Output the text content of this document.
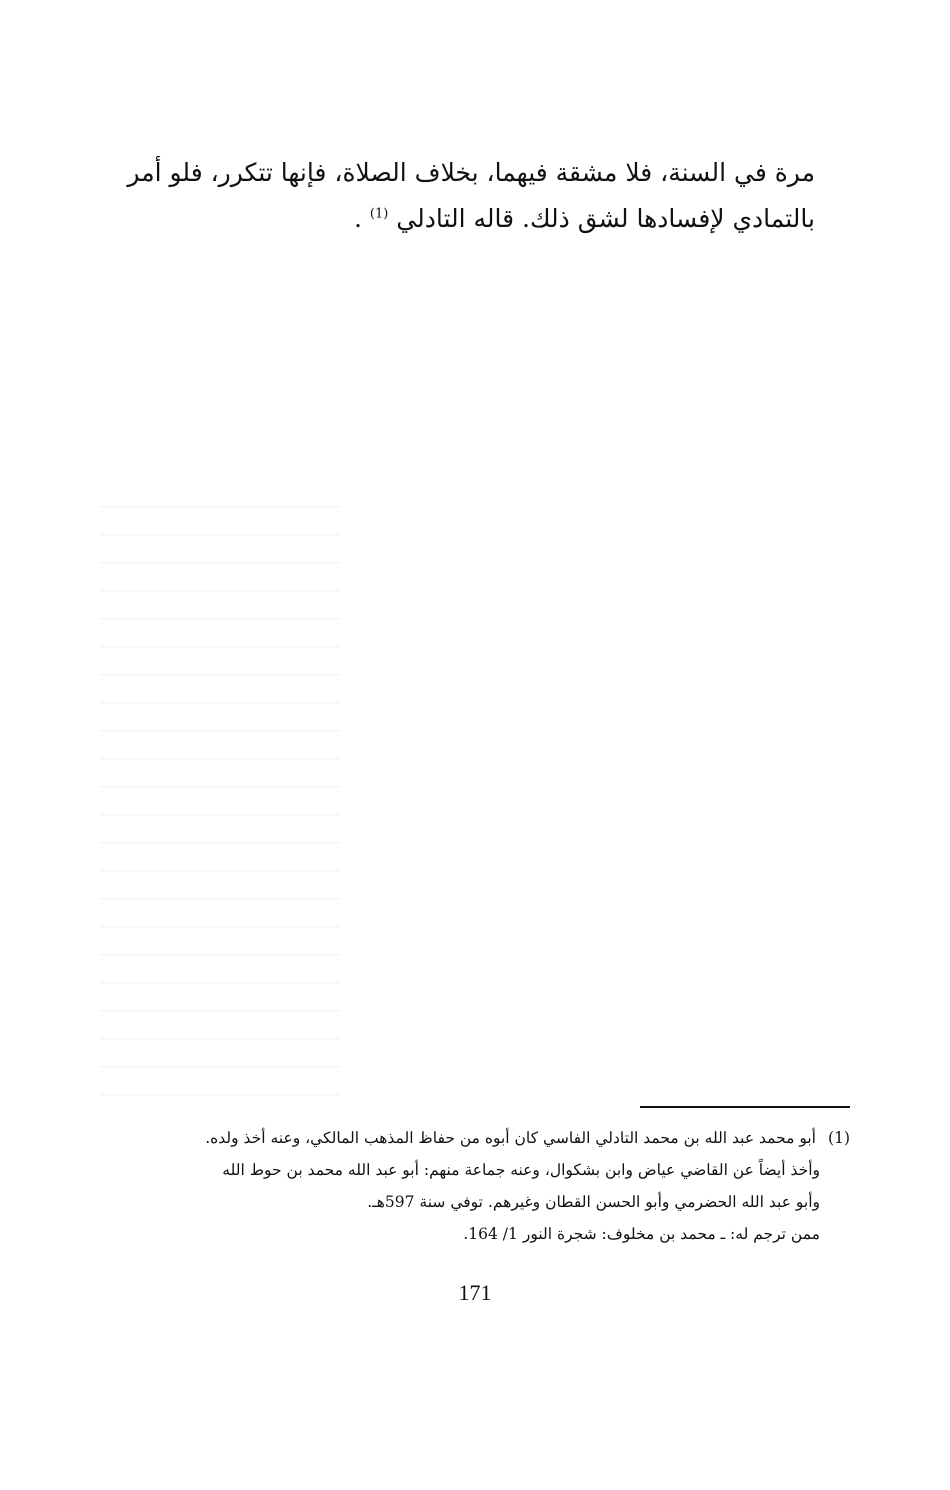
مرة في السنة، فلا مشقة فيهما، بخلاف الصلاة، فإنها تتكرر، فلو أمر
بالتمادي لإفسادها لشق ذلك. قاله التادلي $^{(1)}$ .

(1)أبو محمد عبد الله بن محمد التادلي الفاسي كان أبوه من حفاظ المذهب المالكي، وعنه أخذ ولده.
وأخذ أيضاً عن القاضي عياض وابن بشكوال، وعنه جماعة منهم: أبو عبد الله محمد بن حوط الله
وأبو عبد الله الحضرمي وأبو الحسن القطان وغيرهم. توفي سنة 597هـ.
ممن ترجم له: ـ محمد بن مخلوف: شجرة النور 1/ 164.
171
